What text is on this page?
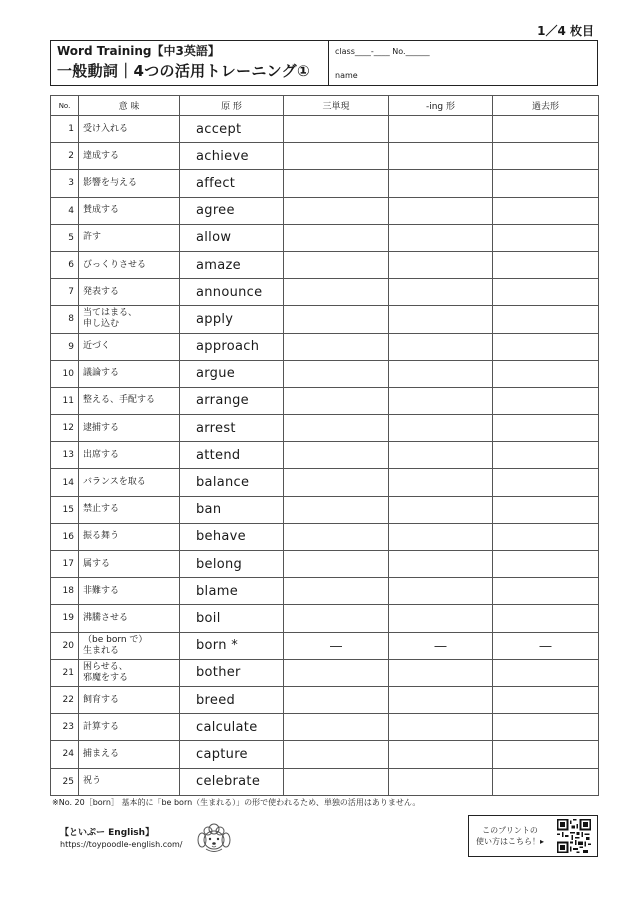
1／4 枚目
Word Training【中3英語】
一般動詞｜4つの活用トレーニング①
class____-____ No.______
name
No.	意 味	原 形	三単現	-ing 形	過去形
1	受け入れる	accept			
2	達成する	achieve			
3	影響を与える	affect			
4	賛成する	agree			
5	許す	allow			
6	びっくりさせる	amaze			
7	発表する	announce			
8	当てはまる、
申し込む	apply			
9	近づく	approach			
10	議論する	argue			
11	整える、手配する	arrange			
12	逮捕する	arrest			
13	出席する	attend			
14	バランスを取る	balance			
15	禁止する	ban			
16	振る舞う	behave			
17	属する	belong			
18	非難する	blame			
19	沸騰させる	boil			
20	（be born で）
生まれる	born *	―	―	―
21	困らせる、
邪魔をする	bother			
22	飼育する	breed			
23	計算する	calculate			
24	捕まえる	capture			
25	祝う	celebrate			
※No. 20［born］ 基本的に「be born（生まれる）」の形で使われるため、単独の活用はありません。
【といぷー English】
https://toypoodle-english.com/
このプリントの
使い方はこちら！▸
